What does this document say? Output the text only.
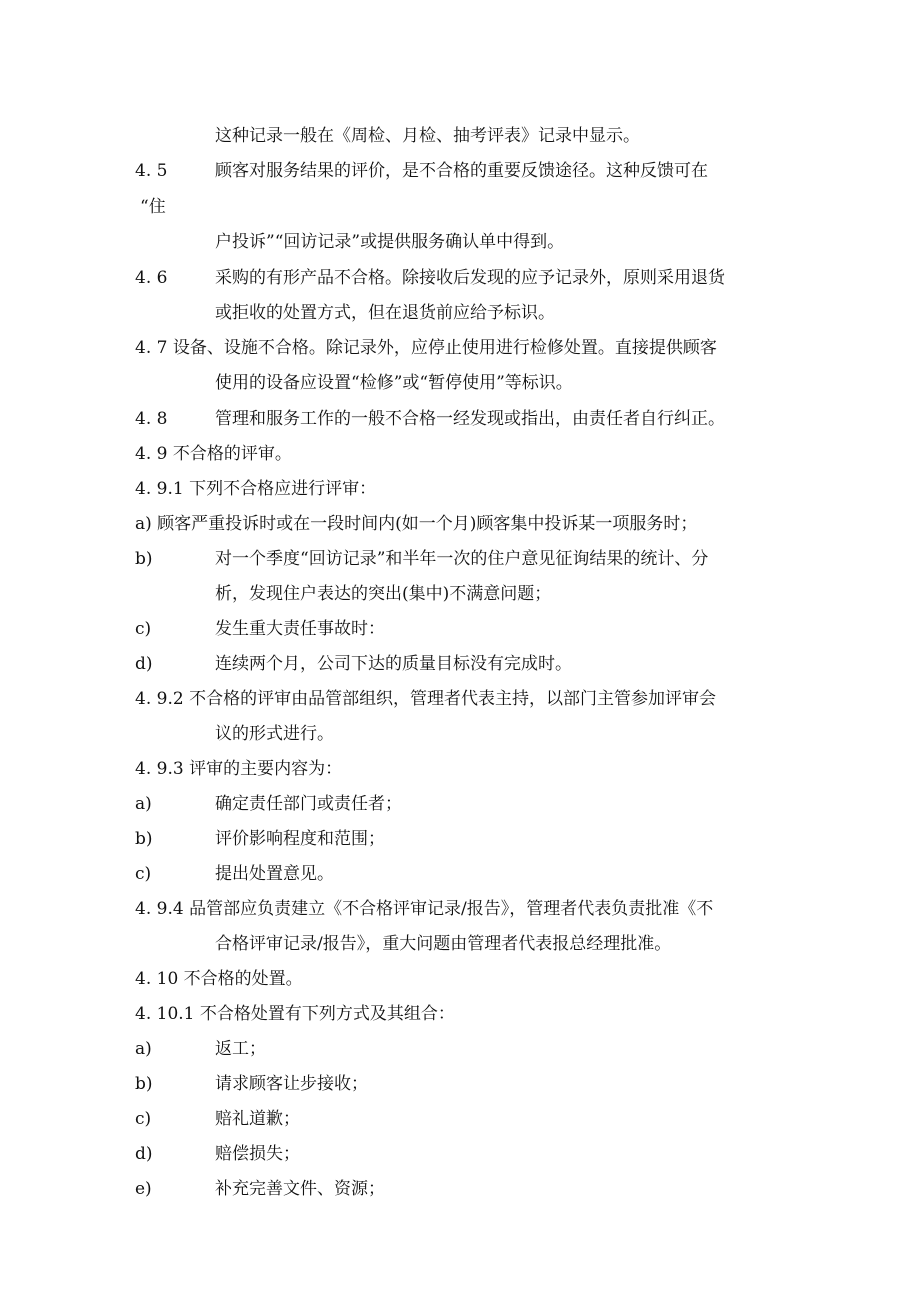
这种记录一般在《周检、月检、抽考评表》记录中显示。
4. 5	顾客对服务结果的评价，是不合格的重要反馈途径。这种反馈可在
“住
户投诉”“回访记录”或提供服务确认单中得到。
4. 6	采购的有形产品不合格。除接收后发现的应予记录外，原则采用退货
或拒收的处置方式，但在退货前应给予标识。
4. 7 设备、设施不合格。除记录外，应停止使用进行检修处置。直接提供顾客
使用的设备应设置“检修”或“暂停使用”等标识。
4. 8	管理和服务工作的一般不合格一经发现或指出，由责任者自行纠正。
4. 9 不合格的评审。
4. 9.1 下列不合格应进行评审：
a) 顾客严重投诉时或在一段时间内(如一个月)顾客集中投诉某一项服务时；
b)	对一个季度“回访记录”和半年一次的住户意见征询结果的统计、分
析，发现住户表达的突出(集中)不满意问题；
c)	发生重大责任事故时：
d)	连续两个月，公司下达的质量目标没有完成时。
4. 9.2 不合格的评审由品管部组织，管理者代表主持，以部门主管参加评审会
议的形式进行。
4. 9.3 评审的主要内容为：
a)	确定责任部门或责任者；
b)	评价影响程度和范围；
c)	提出处置意见。
4. 9.4 品管部应负责建立《不合格评审记录/报告》，管理者代表负责批准《不
合格评审记录/报告》，重大问题由管理者代表报总经理批准。
4. 10 不合格的处置。
4. 10.1 不合格处置有下列方式及其组合：
a)	返工；
b)	请求顾客让步接收；
c)	赔礼道歉；
d)	赔偿损失；
e)	补充完善文件、资源；
